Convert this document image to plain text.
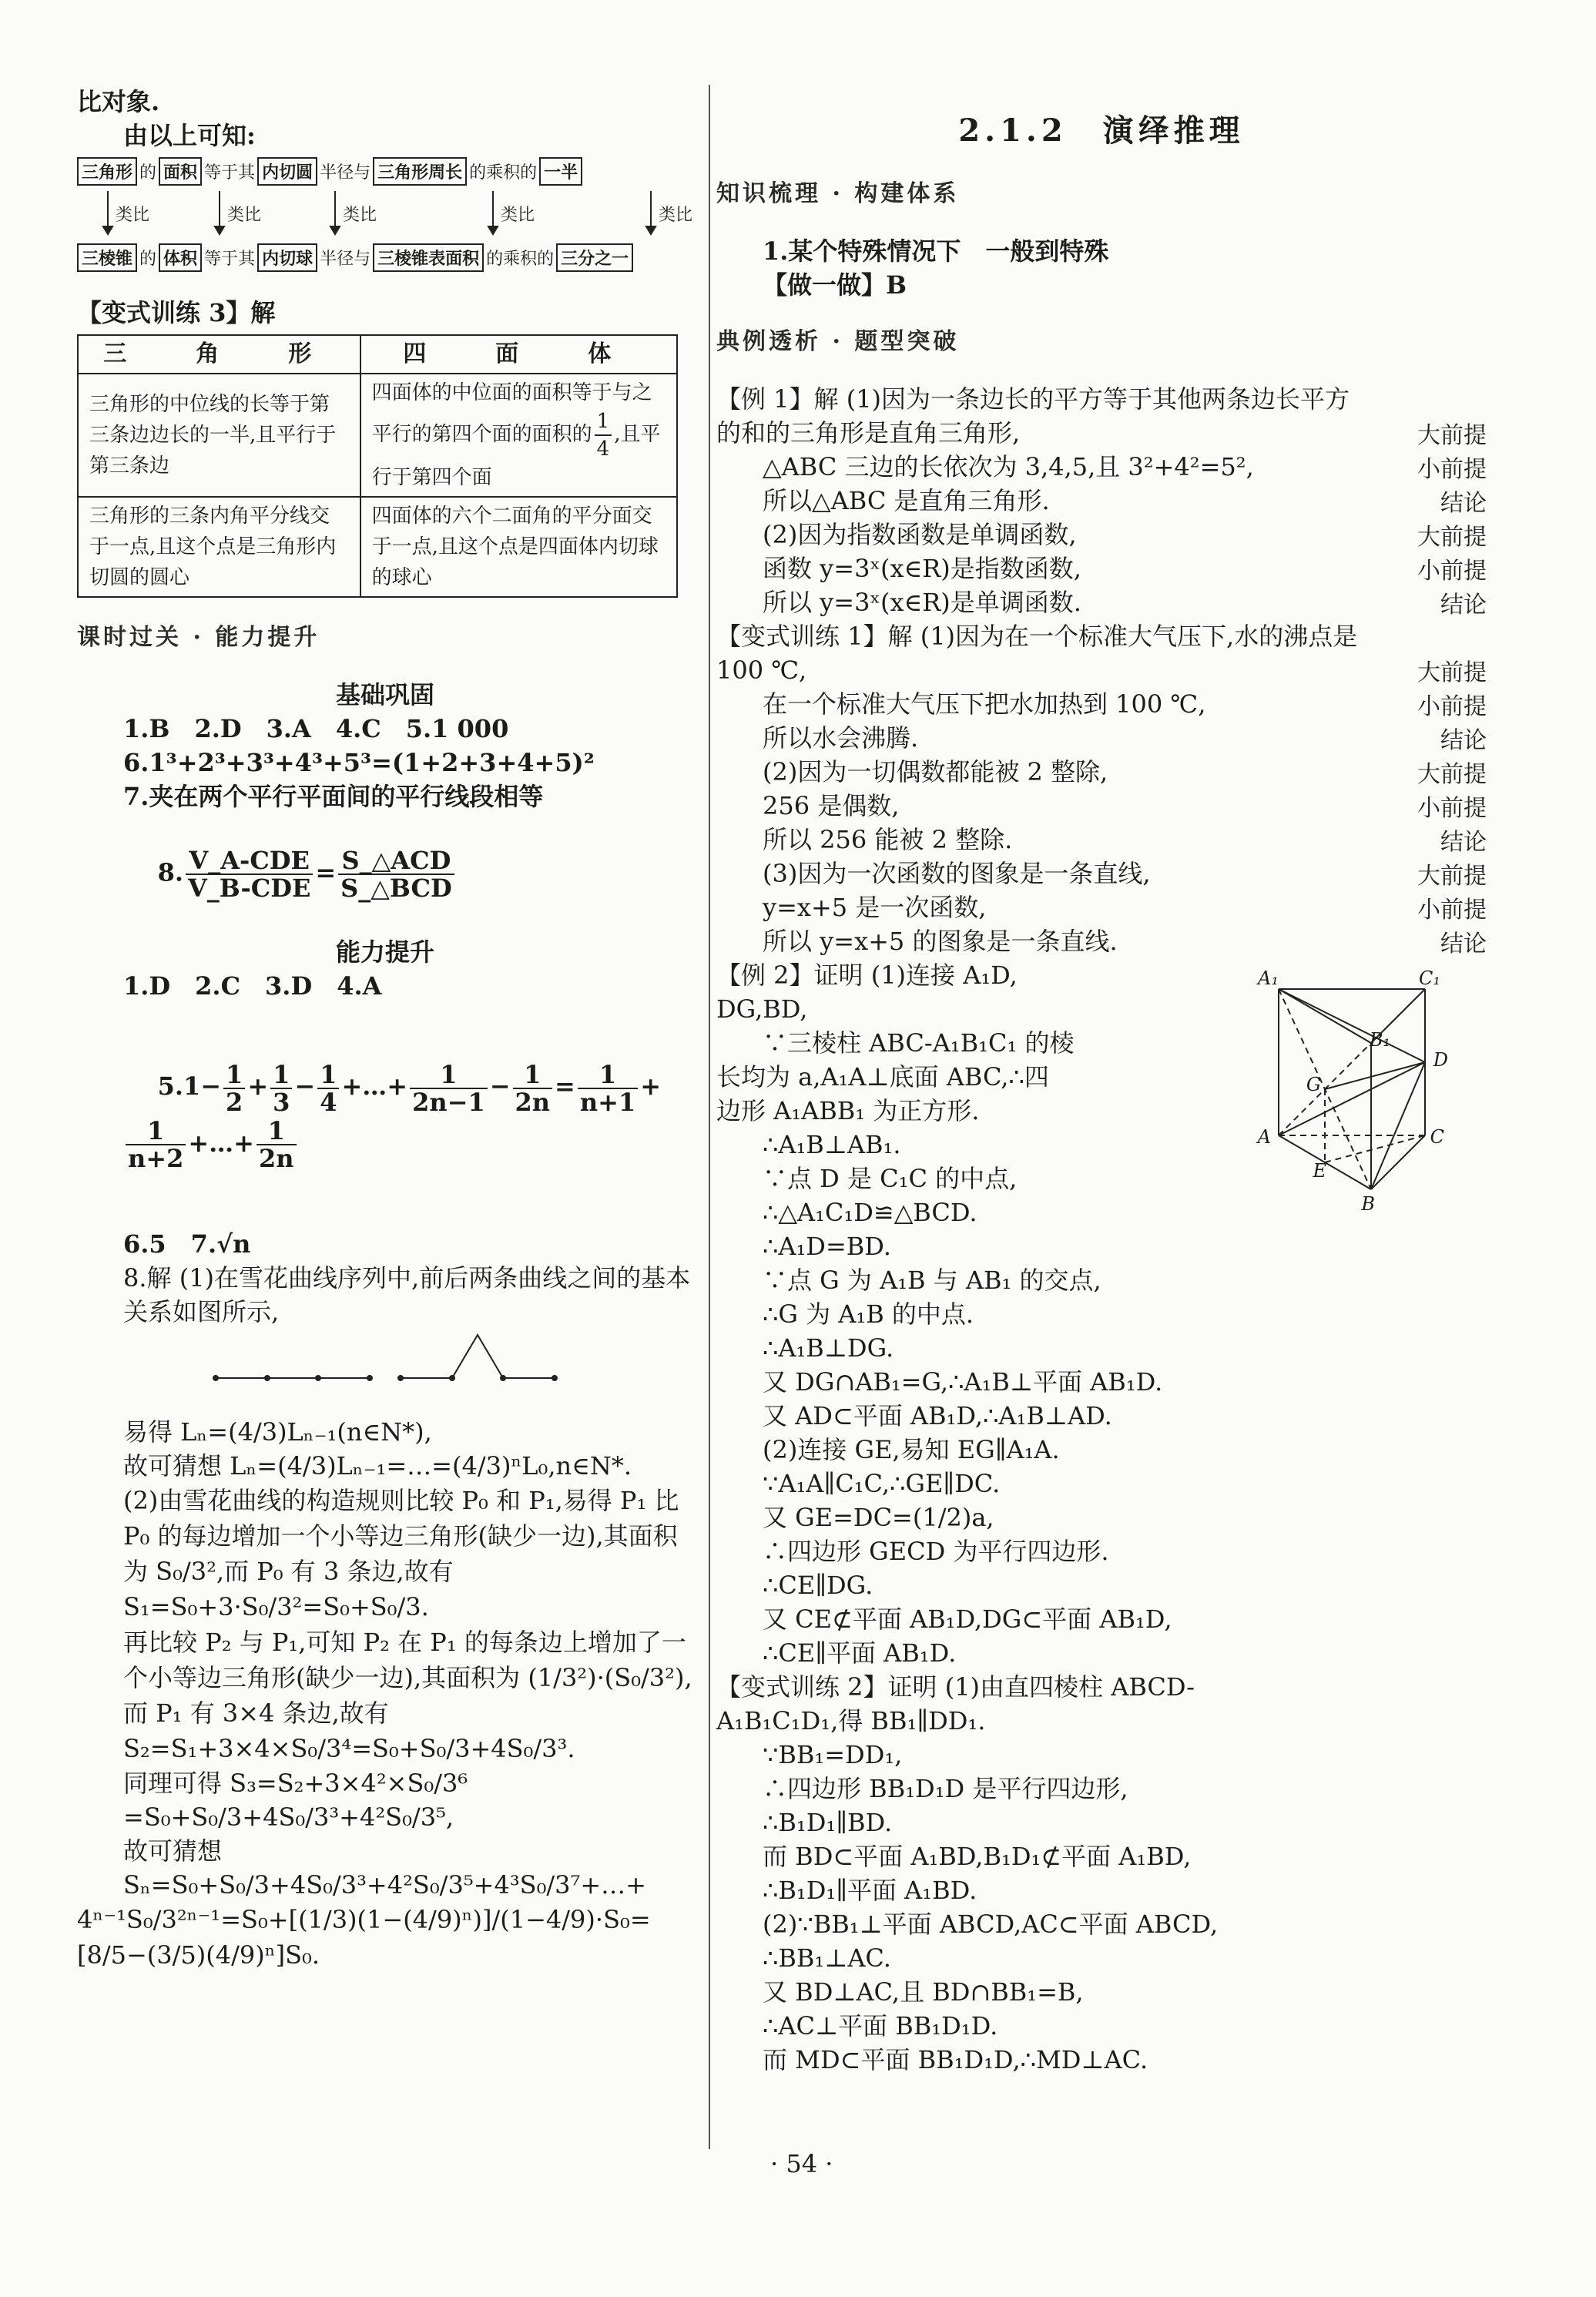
比对象.

由以上可知:

三角形 的 面积 等于其 内切圆 半径与 三角形周长 的乘积的 一半
类比	类比	类比	类比	类比
三棱锥 的 体积 等于其 内切球 半径与 三棱锥表面积 的乘积的 三分之一

【变式训练 3】解

三　角　形	四　面　体
三角形的中位线的长等于第三条边边长的一半,且平行于第三条边	四面体的中位面的面积等于与之平行的第四个面的面积的 $\frac{1}{4}$ ,且平行于第四个面
三角形的三条内角平分线交于一点,且这个点是三角形内切圆的圆心	四面体的六个二面角的平分面交于一点,且这个点是四面体内切球的球心

课时过关 · 能力提升

基础巩固

1.B　2.D　3.A　4.C　5.1 000

6.1³+2³+3³+4³+5³=(1+2+3+4+5)²

7.夹在两个平行平面间的平行线段相等

8. $\frac{\text{V\_A-CDE}}{\text{V\_B-CDE}} = \frac{\text{S\_△ACD}}{\text{S\_△BCD}}$

能力提升

1.D　2.C　3.D　4.A

$5.1- \frac{1}{2} + \frac{1}{3} - \frac{1}{4}$ +…+ $\frac{1}{2n-1} - \frac{1}{2n} = \frac{1}{n+1}$ +
$\frac{1}{n+2}$ +…+ $\frac{1}{2n}$

6.5　7.√n

8.解 (1)在雪花曲线序列中,前后两条曲线之间的基本关系如图所示,

易得 Lₙ=(4/3)Lₙ₋₁(n∈N*),

故可猜想 Lₙ=(4/3)Lₙ₋₁=…=(4/3)ⁿL₀,n∈N*.

(2)由雪花曲线的构造规则比较 P₀ 和 P₁,易得 P₁ 比 P₀ 的每边增加一个小等边三角形(缺少一边),其面积为 S₀/3²,而 P₀ 有 3 条边,故有 S₁=S₀+3·S₀/3²=S₀+S₀/3.

再比较 P₂ 与 P₁,可知 P₂ 在 P₁ 的每条边上增加了一个小等边三角形(缺少一边),其面积为 (1/3²)·(S₀/3²),而 P₁ 有 3×4 条边,故有 S₂=S₁+3×4×S₀/3⁴=S₀+S₀/3+4S₀/3³.

同理可得 S₃=S₂+3×4²×S₀/3⁶

=S₀+S₀/3+4S₀/3³+4²S₀/3⁵,

故可猜想 Sₙ=S₀+S₀/3+4S₀/3³+4²S₀/3⁵+4³S₀/3⁷+…+

4ⁿ⁻¹S₀/3²ⁿ⁻¹=S₀+[(1/3)(1−(4/9)ⁿ)]/(1−4/9)·S₀=[8/5−(3/5)(4/9)ⁿ]S₀.

2.1.2　演绎推理

知识梳理 · 构建体系

1.某个特殊情况下　一般到特殊

【做一做】B

典例透析 · 题型突破

【例 1】解 (1)因为一条边长的平方等于其他两条边长平方的和的三角形是直角三角形,	大前提

△ABC 三边的长依次为 3,4,5,且 3²+4²=5²,	小前提

所以△ABC 是直角三角形.	结论

(2)因为指数函数是单调函数,	大前提

函数 y=3ˣ(x∈R)是指数函数,	小前提

所以 y=3ˣ(x∈R)是单调函数.	结论

【变式训练 1】解 (1)因为在一个标准大气压下,水的沸点是 100 ℃,	大前提

在一个标准大气压下把水加热到 100 ℃,	小前提

所以水会沸腾.	结论

(2)因为一切偶数都能被 2 整除,	大前提

256 是偶数,	小前提

所以 256 能被 2 整除.	结论

(3)因为一次函数的图象是一条直线,	大前提

y=x+5 是一次函数,	小前提

所以 y=x+5 的图象是一条直线.	结论
A₁	C₁
B₁
D
G
A	C
E
B

【例 2】证明 (1)连接 A₁D,

DG,BD,

∵三棱柱 ABC-A₁B₁C₁ 的棱

长均为 a,A₁A⊥底面 ABC,∴四

边形 A₁ABB₁ 为正方形.

∴A₁B⊥AB₁.

∵点 D 是 C₁C 的中点,

∴△A₁C₁D≌△BCD.

∴A₁D=BD.

∵点 G 为 A₁B 与 AB₁ 的交点,

∴G 为 A₁B 的中点.

∴A₁B⊥DG.

又 DG∩AB₁=G,∴A₁B⊥平面 AB₁D.

又 AD⊂平面 AB₁D,∴A₁B⊥AD.

(2)连接 GE,易知 EG∥A₁A.

∵A₁A∥C₁C,∴GE∥DC.

又 GE=DC=(1/2)a,

∴四边形 GECD 为平行四边形.

∴CE∥DG.

又 CE⊄平面 AB₁D,DG⊂平面 AB₁D,

∴CE∥平面 AB₁D.

【变式训练 2】证明 (1)由直四棱柱 ABCD-

A₁B₁C₁D₁,得 BB₁∥DD₁.

∵BB₁=DD₁,

∴四边形 BB₁D₁D 是平行四边形,

∴B₁D₁∥BD.

而 BD⊂平面 A₁BD,B₁D₁⊄平面 A₁BD,

∴B₁D₁∥平面 A₁BD.

(2)∵BB₁⊥平面 ABCD,AC⊂平面 ABCD,

∴BB₁⊥AC.

又 BD⊥AC,且 BD∩BB₁=B,

∴AC⊥平面 BB₁D₁D.

而 MD⊂平面 BB₁D₁D,∴MD⊥AC.

· 54 ·
